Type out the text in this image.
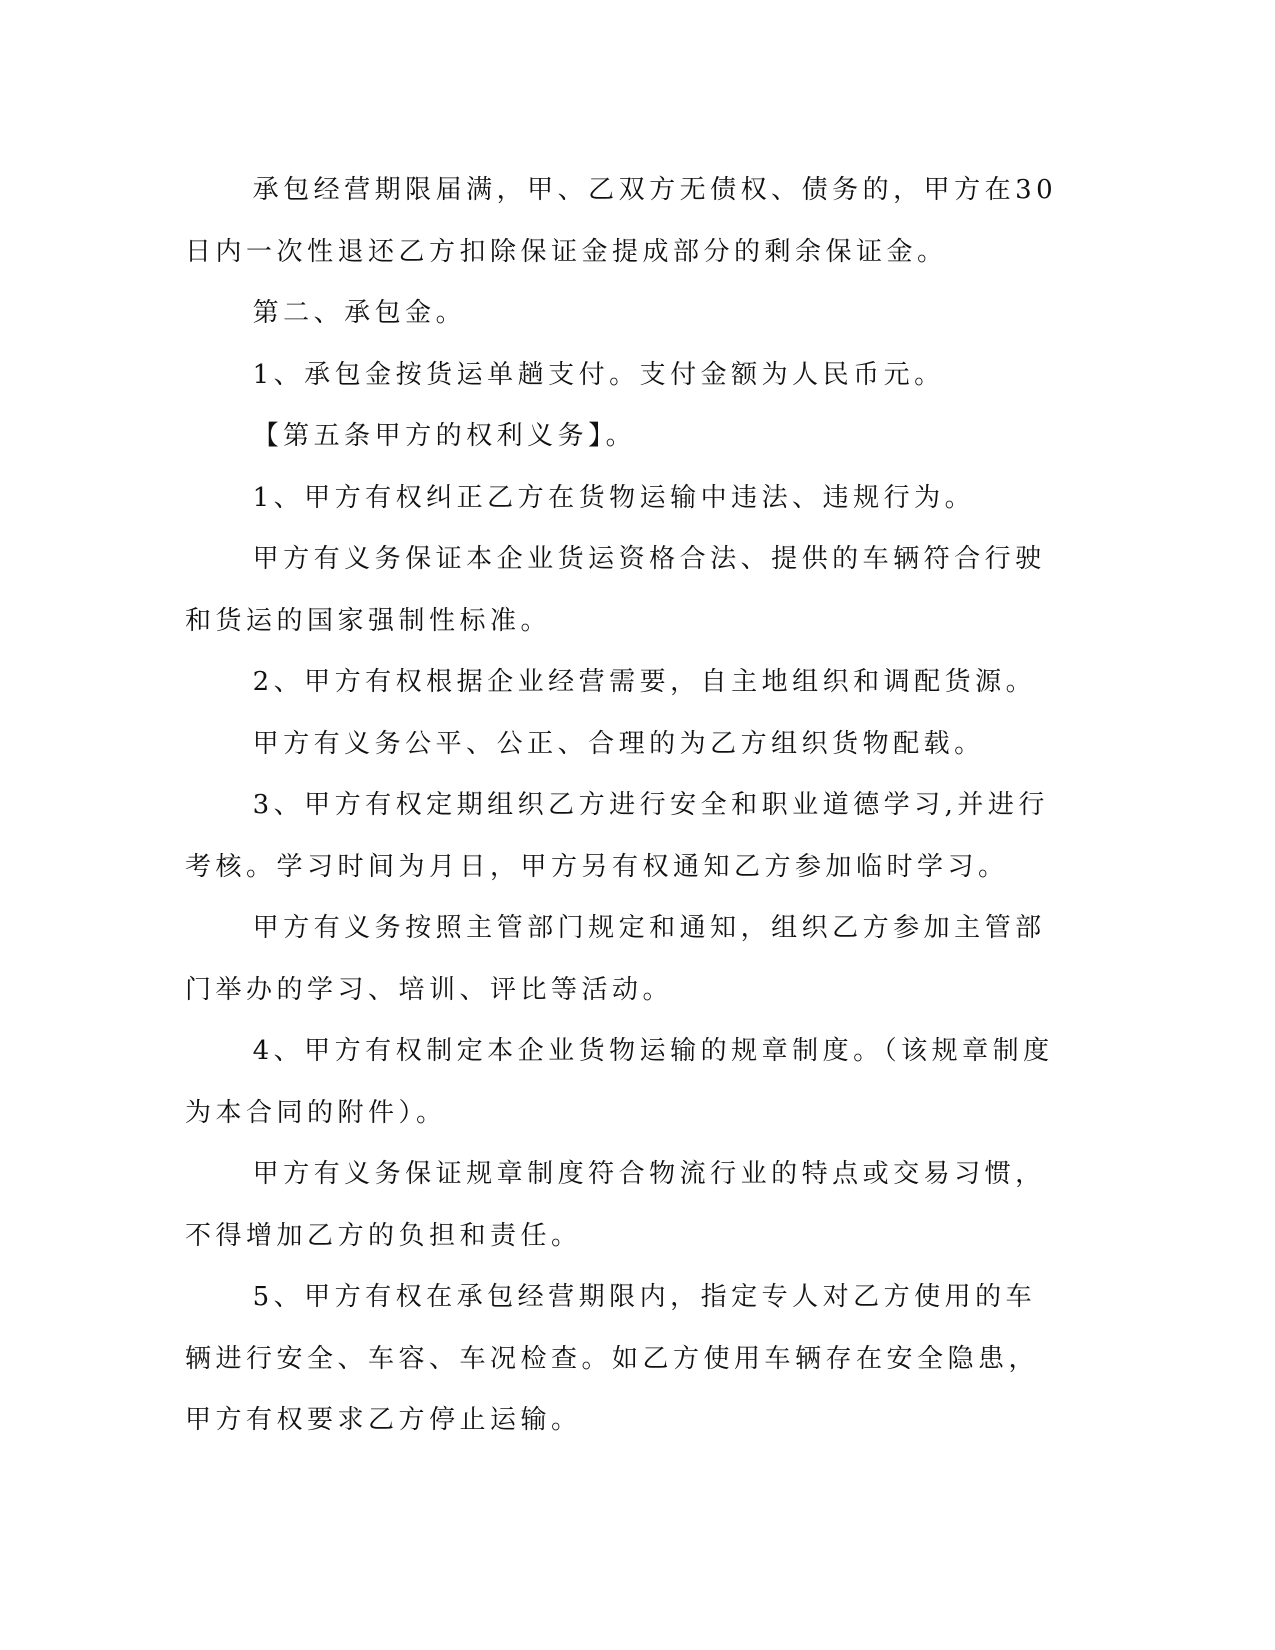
承包经营期限届满，甲、乙双方无债权、债务的，甲方在30日内一次性退还乙方扣除保证金提成部分的剩余保证金。

第二、承包金。

1、承包金按货运单趟支付。支付金额为人民币元。

【第五条甲方的权利义务】。

1、甲方有权纠正乙方在货物运输中违法、违规行为。

甲方有义务保证本企业货运资格合法、提供的车辆符合行驶和货运的国家强制性标准。

2、甲方有权根据企业经营需要，自主地组织和调配货源。

甲方有义务公平、公正、合理的为乙方组织货物配载。

3、甲方有权定期组织乙方进行安全和职业道德学习,并进行考核。学习时间为月日，甲方另有权通知乙方参加临时学习。

甲方有义务按照主管部门规定和通知，组织乙方参加主管部门举办的学习、培训、评比等活动。

4、甲方有权制定本企业货物运输的规章制度。（该规章制度为本合同的附件）。

甲方有义务保证规章制度符合物流行业的特点或交易习惯，不得增加乙方的负担和责任。

5、甲方有权在承包经营期限内，指定专人对乙方使用的车辆进行安全、车容、车况检查。如乙方使用车辆存在安全隐患，甲方有权要求乙方停止运输。
